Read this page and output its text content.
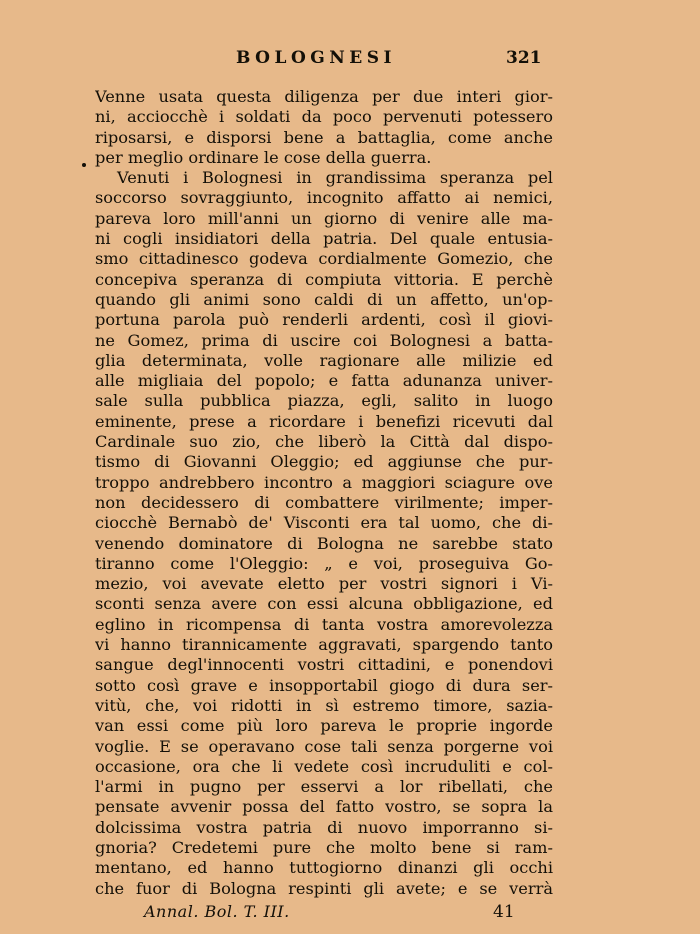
BOLOGNESI	321
Venne usata questa diligenza per due interi gior-
ni, acciocchè i soldati da poco pervenuti potessero
riposarsi, e disporsi bene a battaglia, come anche
per meglio ordinare le cose della guerra.
Venuti i Bolognesi in grandissima speranza pel
soccorso sovraggiunto, incognito affatto ai nemici,
pareva loro mill'anni un giorno di venire alle ma-
ni cogli insidiatori della patria. Del quale entusia-
smo cittadinesco godeva cordialmente Gomezio, che
concepiva speranza di compiuta vittoria. E perchè
quando gli animi sono caldi di un affetto, un'op-
portuna parola può renderli ardenti, così il giovi-
ne Gomez, prima di uscire coi Bolognesi a batta-
glia determinata, volle ragionare alle milizie ed
alle migliaia del popolo; e fatta adunanza univer-
sale sulla pubblica piazza, egli, salito in luogo
eminente, prese a ricordare i benefizi ricevuti dal
Cardinale suo zio, che liberò la Città dal dispo-
tismo di Giovanni Oleggio; ed aggiunse che pur-
troppo andrebbero incontro a maggiori sciagure ove
non decidessero di combattere virilmente; imper-
ciocchè Bernabò de' Visconti era tal uomo, che di-
venendo dominatore di Bologna ne sarebbe stato
tiranno come l'Oleggio: „ e voi, proseguiva Go-
mezio, voi avevate eletto per vostri signori i Vi-
sconti senza avere con essi alcuna obbligazione, ed
eglino in ricompensa di tanta vostra amorevolezza
vi hanno tirannicamente aggravati, spargendo tanto
sangue degl'innocenti vostri cittadini, e ponendovi
sotto così grave e insopportabil giogo di dura ser-
vitù, che, voi ridotti in sì estremo timore, sazia-
van essi come più loro pareva le proprie ingorde
voglie. E se operavano cose tali senza porgerne voi
occasione, ora che li vedete così incruduliti e col-
l'armi in pugno per esservi a lor ribellati, che
pensate avvenir possa del fatto vostro, se sopra la
dolcissima vostra patria di nuovo imporranno si-
gnoria? Credetemi pure che molto bene si ram-
mentano, ed hanno tuttogiorno dinanzi gli occhi
che fuor di Bologna respinti gli avete; e se verrà
Annal. Bol. T. III.	41
